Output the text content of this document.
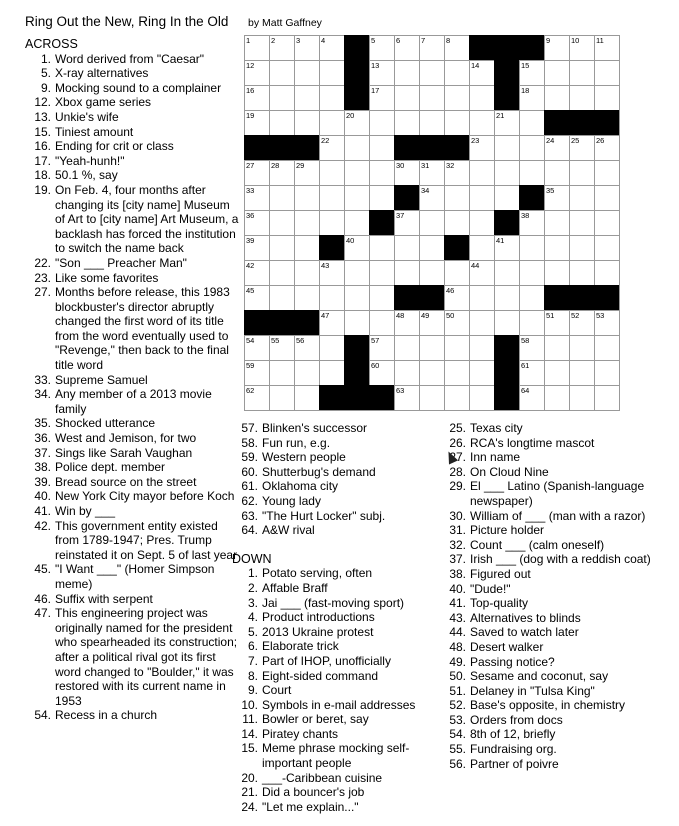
Ring Out the New, Ring In the Old by Matt Gaffney
1	2	3	4	5	6	7	8	9	10 11
12	13	14	15
16	17	18
19	20	21
22	23	24 25 26
27 28 29	30 31 32
33	34	35
36	37	38
39	40	41
42	43	44
45	46
47	48 49 50	51 52 53
54 55 56	57	58
59	60	61
62	63	64
ACROSS
1. Word derived from "Caesar"
5. X-ray alternatives
9. Mocking sound to a complainer
12. Xbox game series
13. Unkie's wife
15. Tiniest amount
16. Ending for crit or class
17. "Yeah-hunh!"
18. 50.1 %, say
19. On Feb. 4, four months after changing its [city name] Museum of Art to [city name] Art Museum, a backlash has forced the institution to switch the name back
22. "Son ___ Preacher Man"
23. Like some favorites
27. Months before release, this 1983 blockbuster's director abruptly changed the first word of its title from the word eventually used to "Revenge," then back to the final title word
33. Supreme Samuel
34. Any member of a 2013 movie family
35. Shocked utterance
36. West and Jemison, for two
37. Sings like Sarah Vaughan
38. Police dept. member
39. Bread source on the street
40. New York City mayor before Koch
41. Win by ___
42. This government entity existed from 1789-1947; Pres. Trump reinstated it on Sept. 5 of last year
45. "I Want ___" (Homer Simpson meme)
46. Suffix with serpent
47. This engineering project was originally named for the president who spearheaded its construction; after a political rival got its first word changed to "Boulder," it was restored with its current name in 1953
54. Recess in a church
57. Blinken's successor
58. Fun run, e.g.
59. Western people
60. Shutterbug's demand
61. Oklahoma city
62. Young lady
63. "The Hurt Locker" subj.
64. A&W rival
DOWN
1. Potato serving, often
2. Affable Braff
3. Jai ___ (fast-moving sport)
4. Product introductions
5. 2013 Ukraine protest
6. Elaborate trick
7. Part of IHOP, unofficially
8. Eight-sided command
9. Court
10. Symbols in e-mail addresses
11. Bowler or beret, say
14. Piratey chants
15. Meme phrase mocking self-important people
20. ___-Caribbean cuisine
21. Did a bouncer's job
24. "Let me explain..."
25. Texas city
26. RCA's longtime mascot
27. Inn name
28. On Cloud Nine
29. El ___ Latino (Spanish-language newspaper)
30. William of ___ (man with a razor)
31. Picture holder
32. Count ___ (calm oneself)
37. Irish ___ (dog with a reddish coat)
38. Figured out
40. "Dude!"
41. Top-quality
43. Alternatives to blinds
44. Saved to watch later
48. Desert walker
49. Passing notice?
50. Sesame and coconut, say
51. Delaney in "Tulsa King"
52. Base's opposite, in chemistry
53. Orders from docs
54. 8th of 12, briefly
55. Fundraising org.
56. Partner of poivre
